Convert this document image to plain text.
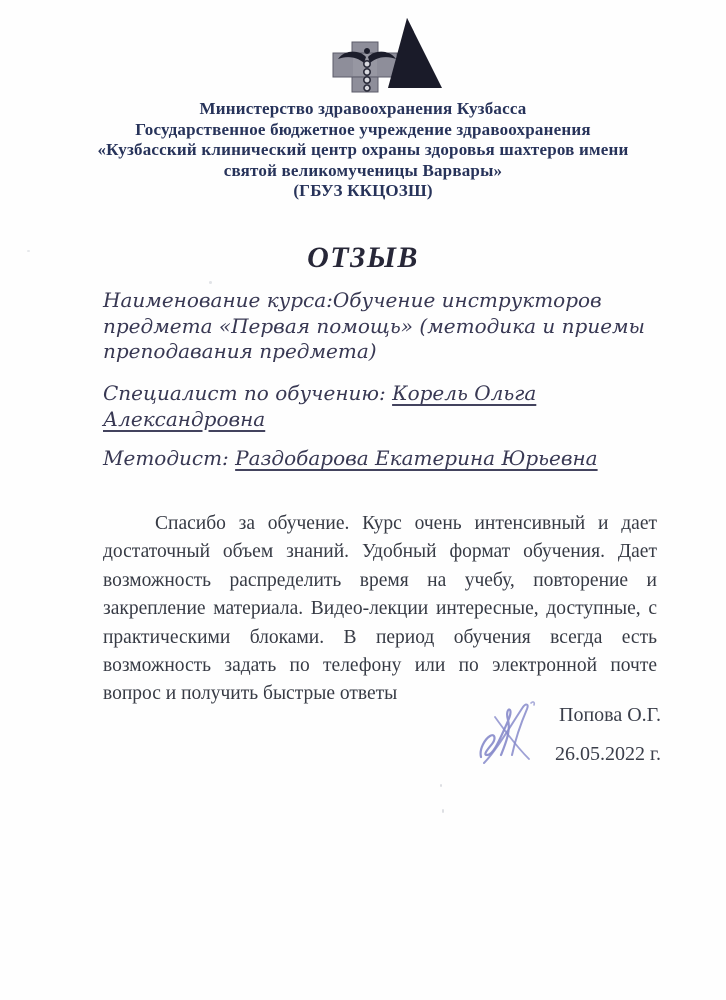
Министерство здравоохранения Кузбасса
Государственное бюджетное учреждение здравоохранения
«Кузбасский клинический центр охраны здоровья шахтеров имени
святой великомученицы Варвары»
(ГБУЗ ККЦОЗШ)
ОТЗЫВ

Наименование курса:Обучение инструкторов предмета «Первая помощь» (методика и приемы преподавания предмета)

Специалист по обучению: Корель Ольга Александровна

Методист: Раздобарова Екатерина Юрьевна

Спасибо за обучение. Курс очень интенсивный и дает достаточный объем знаний. Удобный формат обучения. Дает возможность распределить время на учебу, повторение и закрепление материала. Видео-лекции интересные, доступные, с практическими блоками. В период обучения всегда есть возможность задать по телефону или по электронной почте вопрос и получить быстрые ответы

Попова О.Г.
26.05.2022 г.
